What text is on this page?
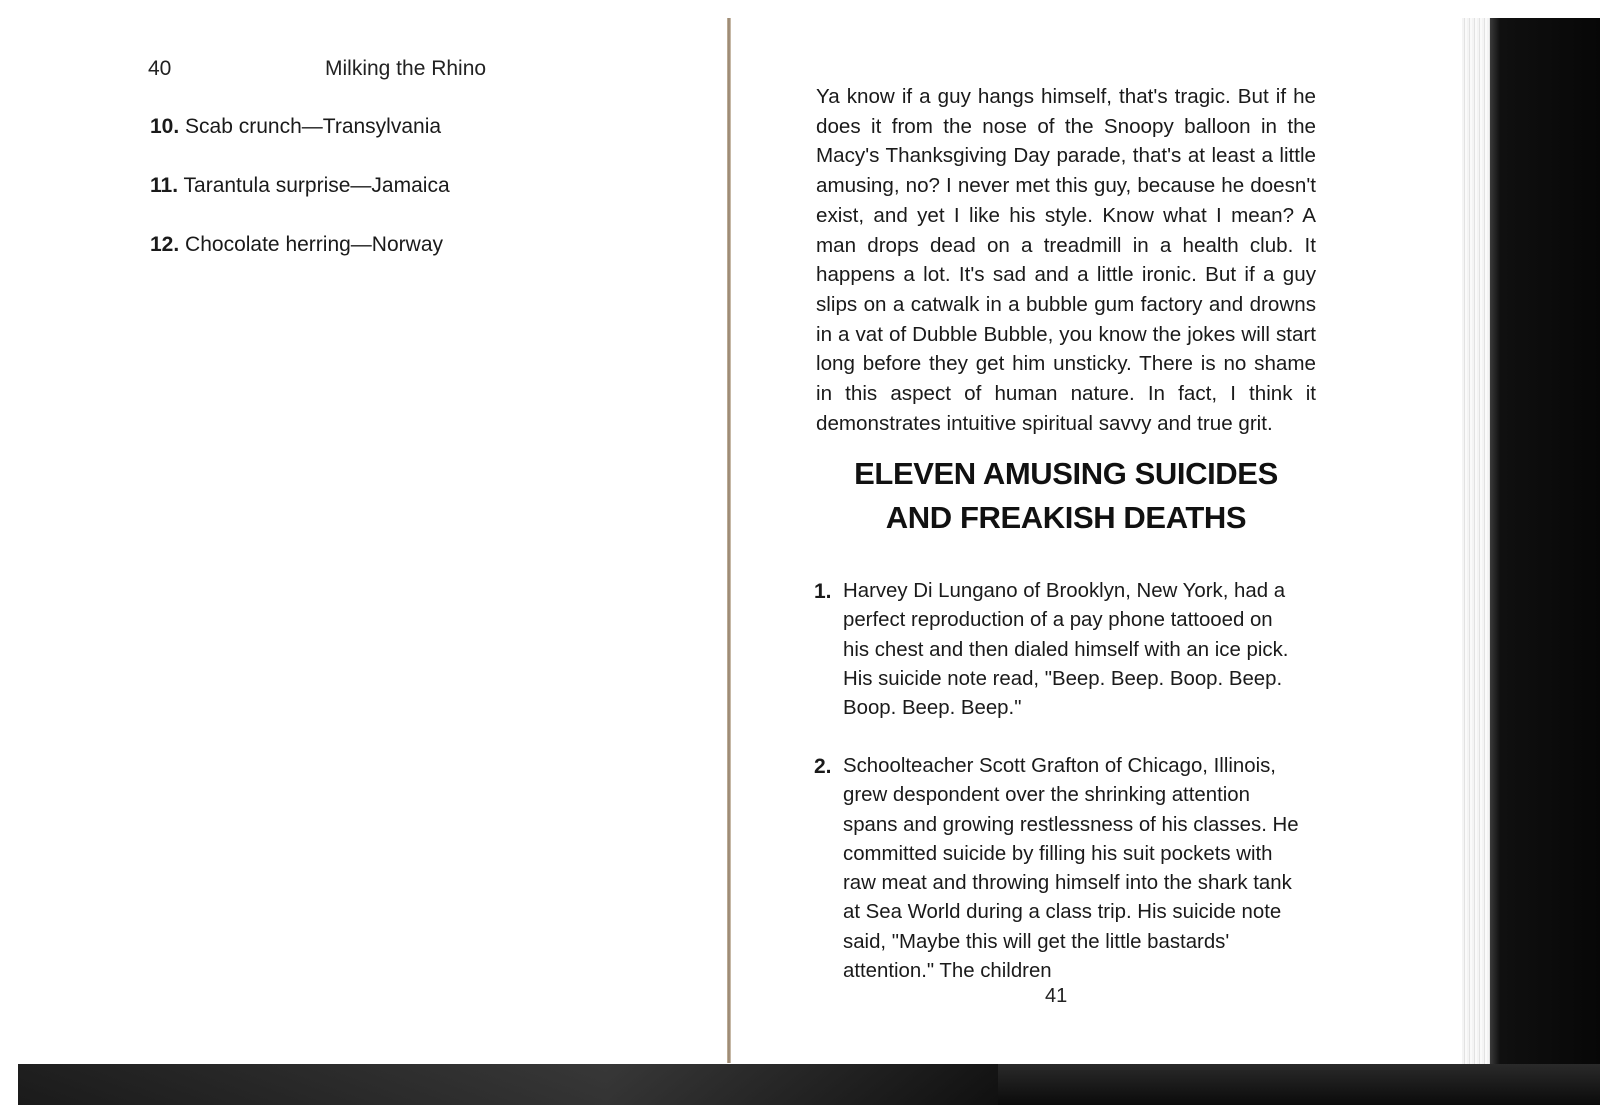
40	Milking the Rhino
10. Scab crunch—Transylvania
11. Tarantula surprise—Jamaica
12. Chocolate herring—Norway

Ya know if a guy hangs himself, that's tragic. But if he does it from the nose of the Snoopy balloon in the Macy's Thanksgiving Day parade, that's at least a little amusing, no? I never met this guy, because he doesn't exist, and yet I like his style. Know what I mean? A man drops dead on a treadmill in a health club. It happens a lot. It's sad and a little ironic. But if a guy slips on a catwalk in a bubble gum factory and drowns in a vat of Dubble Bubble, you know the jokes will start long before they get him unsticky. There is no shame in this aspect of human nature. In fact, I think it demonstrates intuitive spiritual savvy and true grit.

ELEVEN AMUSING SUICIDES
AND FREAKISH DEATHS
1. Harvey Di Lungano of Brooklyn, New York, had a perfect reproduction of a pay phone tattooed on his chest and then dialed himself with an ice pick. His suicide note read, "Beep. Beep. Boop. Beep. Boop. Beep. Beep."
2. Schoolteacher Scott Grafton of Chicago, Illinois, grew despondent over the shrinking attention spans and growing restlessness of his classes. He committed suicide by filling his suit pockets with raw meat and throwing himself into the shark tank at Sea World during a class trip. His suicide note said, "Maybe this will get the little bastards' attention." The children
41
